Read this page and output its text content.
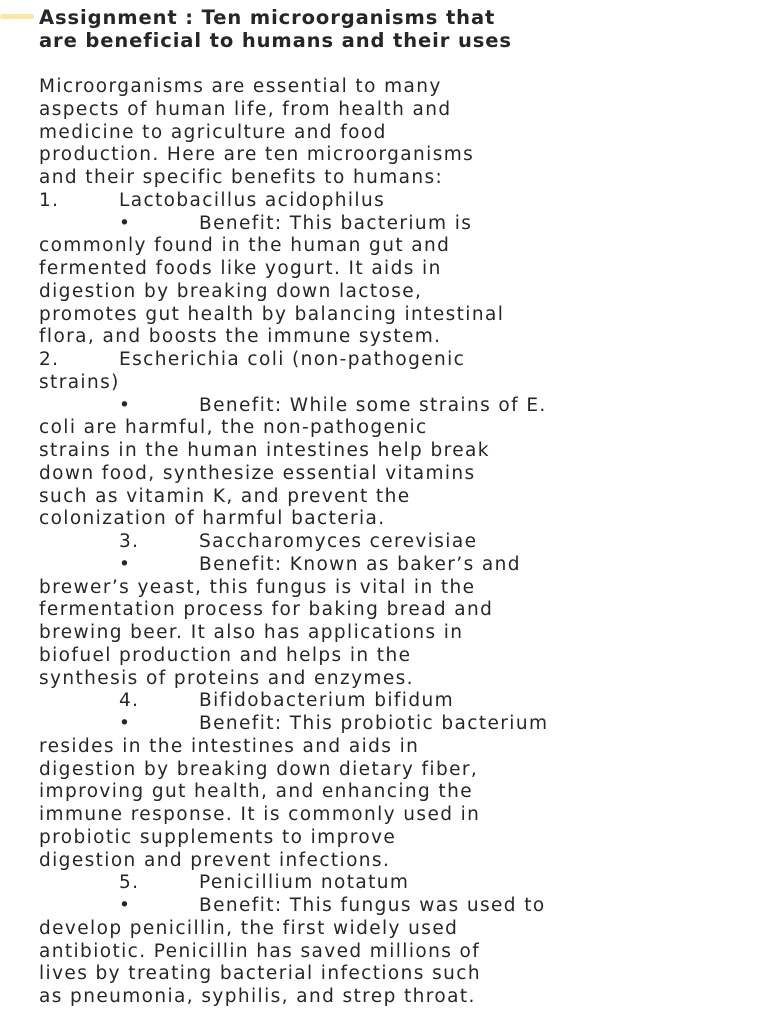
Assignment : Ten microorganisms that

are beneficial to humans and their uses

Microorganisms are essential to many

aspects of human life, from health and

medicine to agriculture and food

production. Here are ten microorganisms

and their specific benefits to humans:

1.	Lactobacillus acidophilus

•	Benefit: This bacterium is

commonly found in the human gut and

fermented foods like yogurt. It aids in

digestion by breaking down lactose,

promotes gut health by balancing intestinal

flora, and boosts the immune system.

2.	Escherichia coli (non-pathogenic

strains)

•	Benefit: While some strains of E.

coli are harmful, the non-pathogenic

strains in the human intestines help break

down food, synthesize essential vitamins

such as vitamin K, and prevent the

colonization of harmful bacteria.

3.	Saccharomyces cerevisiae

•	Benefit: Known as baker’s and

brewer’s yeast, this fungus is vital in the

fermentation process for baking bread and

brewing beer. It also has applications in

biofuel production and helps in the

synthesis of proteins and enzymes.

4.	Bifidobacterium bifidum

•	Benefit: This probiotic bacterium

resides in the intestines and aids in

digestion by breaking down dietary fiber,

improving gut health, and enhancing the

immune response. It is commonly used in

probiotic supplements to improve

digestion and prevent infections.

5.	Penicillium notatum

•	Benefit: This fungus was used to

develop penicillin, the first widely used

antibiotic. Penicillin has saved millions of

lives by treating bacterial infections such

as pneumonia, syphilis, and strep throat.
